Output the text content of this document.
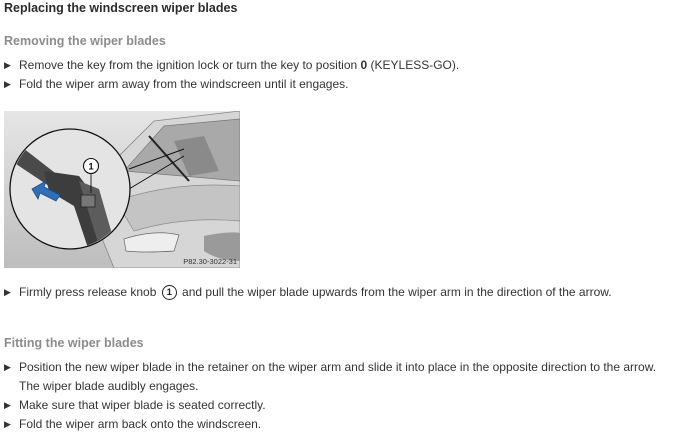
Replacing the windscreen wiper blades
Removing the wiper blades
▶ Remove the key from the ignition lock or turn the key to position 0 (KEYLESS-GO).
▶ Fold the wiper arm away from the windscreen until it engages.
1
P82.30-3022-31
▶ Firmly press release knob 1 and pull the wiper blade upwards from the wiper arm in the direction of the arrow.
Fitting the wiper blades
▶ Position the new wiper blade in the retainer on the wiper arm and slide it into place in the opposite direction to the arrow.
The wiper blade audibly engages.
▶ Make sure that wiper blade is seated correctly.
▶ Fold the wiper arm back onto the windscreen.
